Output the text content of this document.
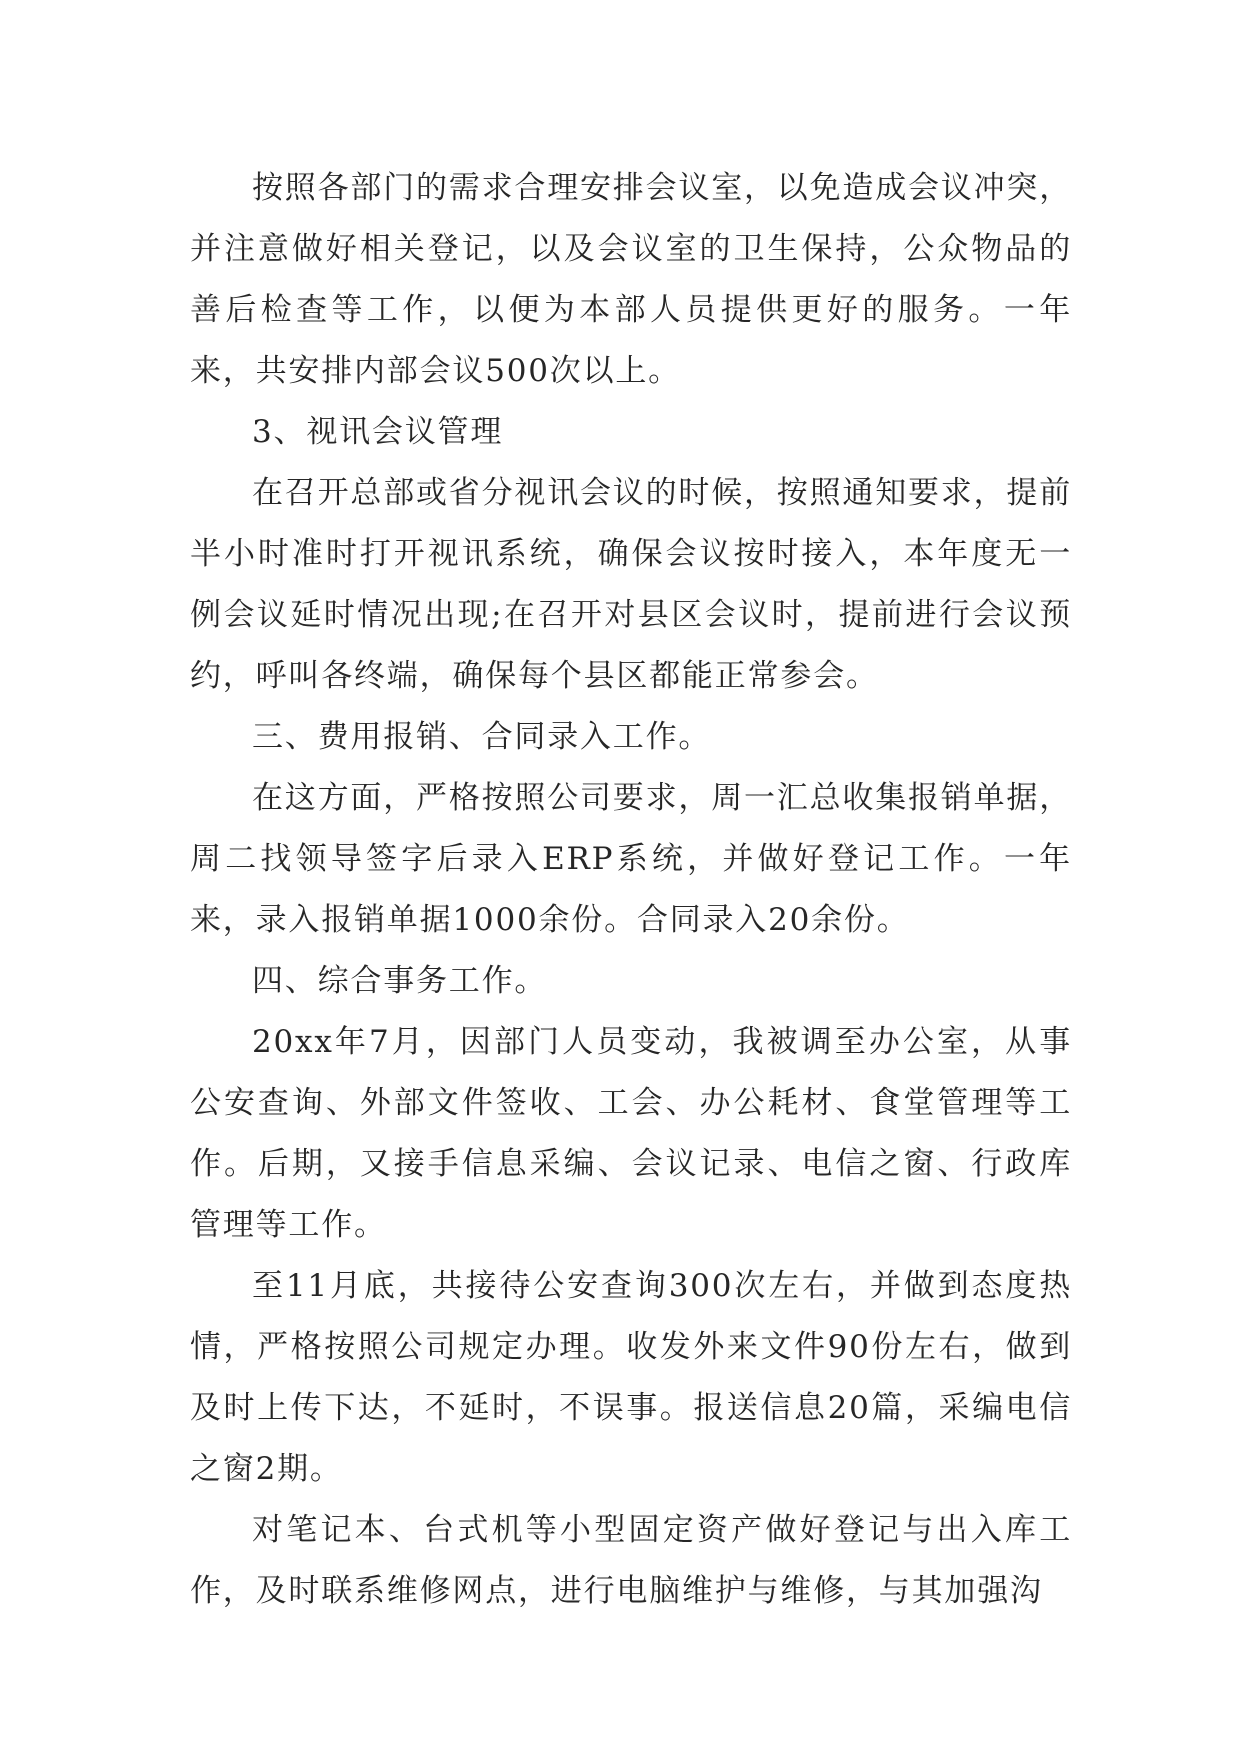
按照各部门的需求合理安排会议室，以免造成会议冲突，并注意做好相关登记，以及会议室的卫生保持，公众物品的善后检查等工作，以便为本部人员提供更好的服务。一年来，共安排内部会议500次以上。

3、视讯会议管理

在召开总部或省分视讯会议的时候，按照通知要求，提前半小时准时打开视讯系统，确保会议按时接入，本年度无一例会议延时情况出现;在召开对县区会议时，提前进行会议预约，呼叫各终端，确保每个县区都能正常参会。

三、费用报销、合同录入工作。

在这方面，严格按照公司要求，周一汇总收集报销单据，周二找领导签字后录入ERP系统，并做好登记工作。一年来，录入报销单据1000余份。合同录入20余份。

四、综合事务工作。

20xx年7月，因部门人员变动，我被调至办公室，从事公安查询、外部文件签收、工会、办公耗材、食堂管理等工作。后期，又接手信息采编、会议记录、电信之窗、行政库管理等工作。

至11月底，共接待公安查询300次左右，并做到态度热情，严格按照公司规定办理。收发外来文件90份左右，做到及时上传下达，不延时，不误事。报送信息20篇，采编电信之窗2期。

对笔记本、台式机等小型固定资产做好登记与出入库工作，及时联系维修网点，进行电脑维护与维修，与其加强沟
